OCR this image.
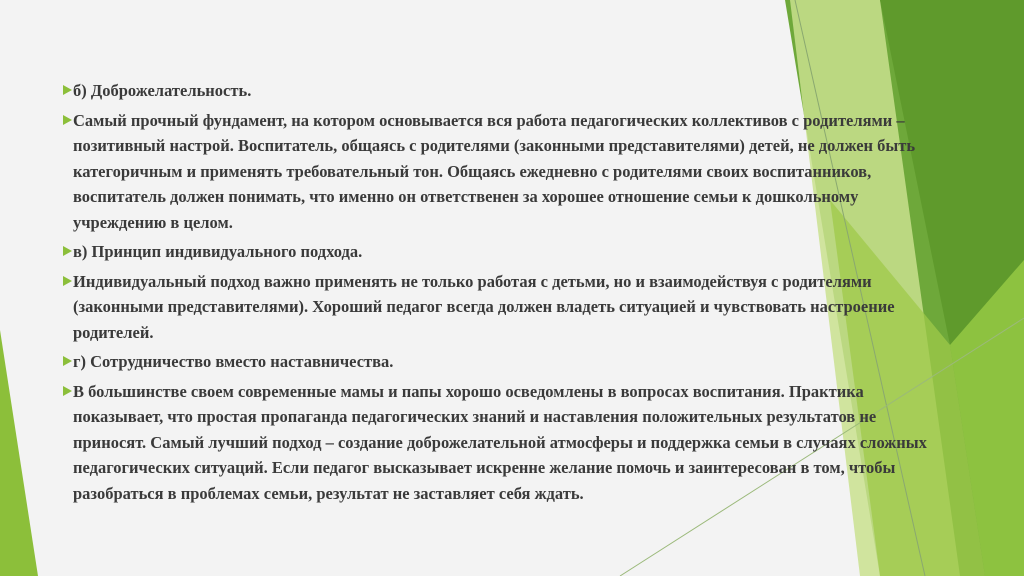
б) Доброжелательность.

Самый прочный фундамент, на котором основывается вся работа педагогических коллективов с родителями – позитивный настрой. Воспитатель, общаясь с родителями (законными представителями) детей, не должен быть категоричным и применять требовательный тон. Общаясь ежедневно с родителями своих воспитанников, воспитатель должен понимать, что именно он ответственен за хорошее отношение семьи к дошкольному учреждению в целом.

в) Принцип индивидуального подхода.

Индивидуальный подход важно применять не только работая с детьми, но и взаимодействуя с родителями (законными представителями). Хороший педагог всегда должен владеть ситуацией и чувствовать настроение родителей.

г) Сотрудничество вместо наставничества.

В большинстве своем современные мамы и папы хорошо осведомлены в вопросах воспитания. Практика показывает, что простая пропаганда педагогических знаний и наставления положительных результатов не приносят. Самый лучший подход – создание доброжелательной атмосферы и поддержка семьи в случаях сложных педагогических ситуаций. Если педагог высказывает искренне желание помочь и заинтересован в том, чтобы разобраться в проблемах семьи, результат не заставляет себя ждать.
